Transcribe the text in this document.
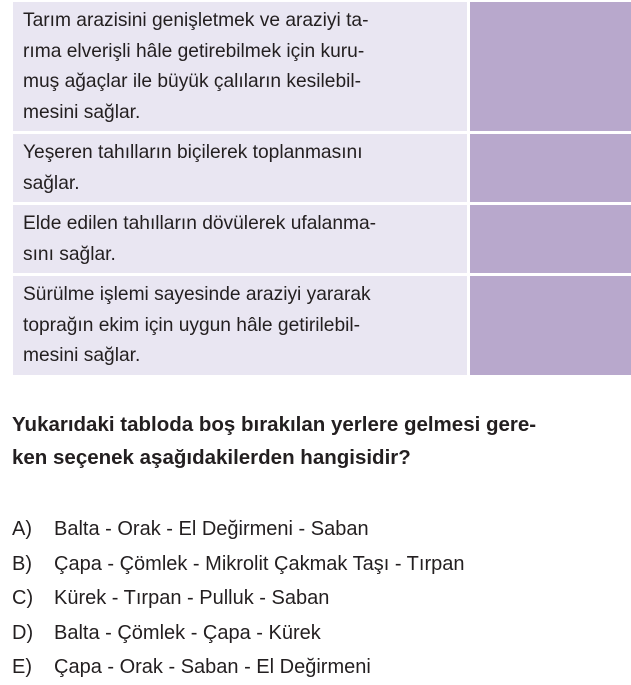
Tarım arazisini genişletmek ve araziyi ta-
rıma elverişli hâle getirebilmek için kuru-
muş ağaçlar ile büyük çalıların kesilebil-
mesini sağlar.
Yeşeren tahılların biçilerek toplanmasını
sağlar.
Elde edilen tahılların dövülerek ufalanma-
sını sağlar.
Sürülme işlemi sayesinde araziyi yararak
toprağın ekim için uygun hâle getirilebil-
mesini sağlar.
Yukarıdaki tabloda boş bırakılan yerlere gelmesi gere-
ken seçenek aşağıdakilerden hangisidir?
A)	Balta - Orak - El Değirmeni - Saban
B)	Çapa - Çömlek - Mikrolit Çakmak Taşı - Tırpan
C)	Kürek - Tırpan - Pulluk - Saban
D)	Balta - Çömlek - Çapa - Kürek
E)	Çapa - Orak - Saban - El Değirmeni
